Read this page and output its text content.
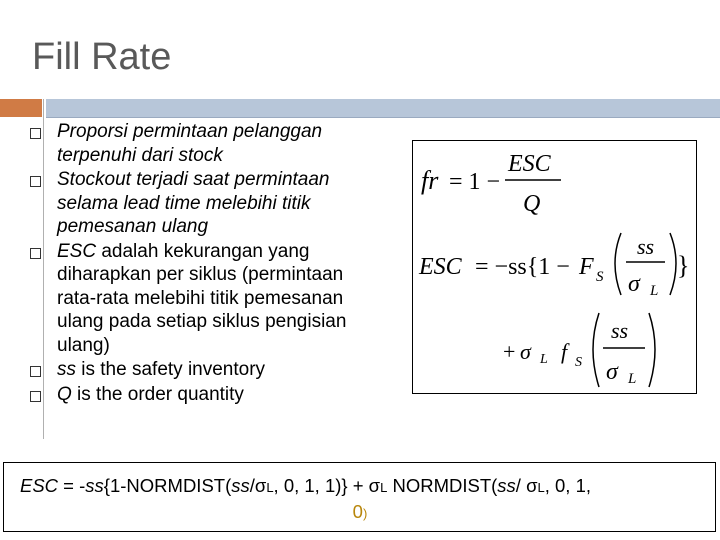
Fill Rate
Proporsi permintaan pelanggan terpenuhi dari stock
Stockout terjadi saat permintaan selama lead time melebihi titik pemesanan ulang
ESC adalah kekurangan yang diharapkan per siklus (permintaan rata-rata melebihi titik pemesanan ulang pada setiap siklus pengisian ulang)
ss is the safety inventory
Q is the order quantity
fr = 1 −
ESC
Q
ESC = −ss{1 − F S
ss
σ L
}
+ σ L f S
ss
σ L
ESC = -ss{1-NORMDIST(ss/σL, 0, 1, 1)} + σL NORMDIST(ss/ σL, 0, 1,
0)
